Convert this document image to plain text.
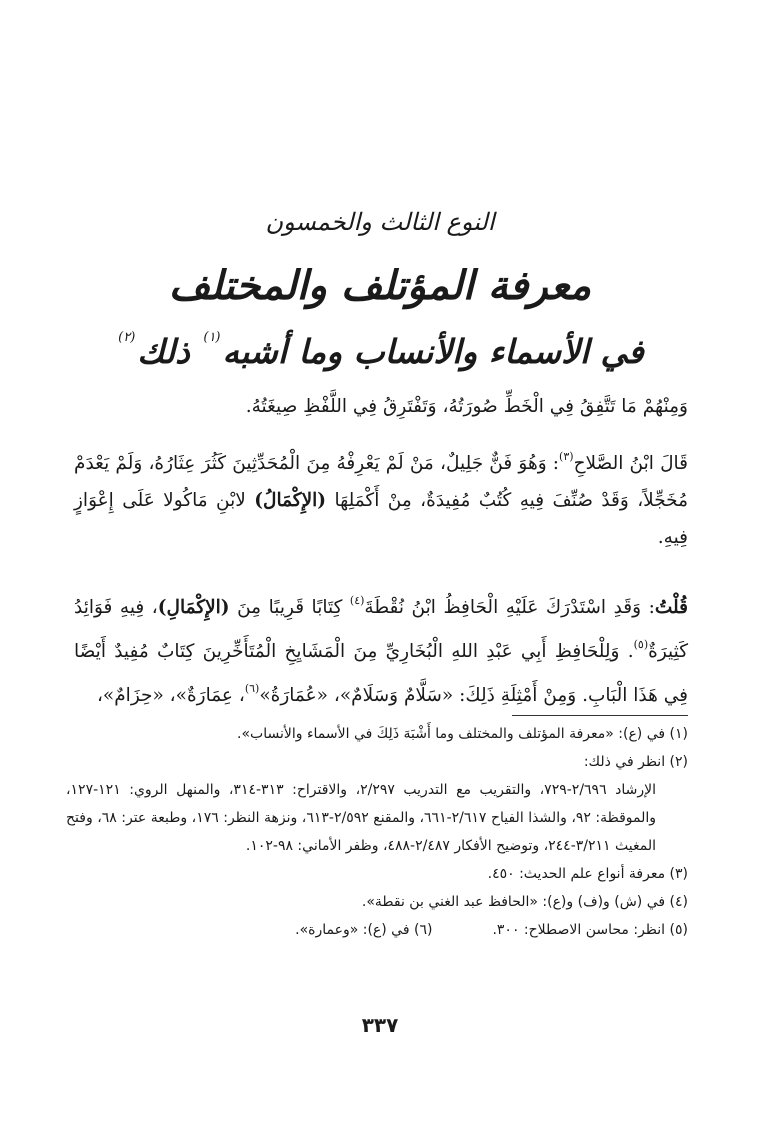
النوع الثالث والخمسون
معرفة المؤتلف والمختلف
في الأسماء والأنساب وما أشبه$^{(١)}$ ذلك$^{(٢)}$
وَمِنْهُمْ مَا تَتَّفِقُ فِي الْخَطِّ صُورَتُهُ، وَتَفْتَرِقُ فِي اللَّفْظِ صِيغَتُهُ.
قَالَ ابْنُ الصَّلاحِ$^{(٣)}$: وَهُوَ فَنٌّ جَلِيلٌ، مَنْ لَمْ يَعْرِفْهُ مِنَ الْمُحَدِّثِينَ كَثُرَ عِثَارُهُ، وَلَمْ يَعْدَمْ مُخَجِّلاً، وَقَدْ صُنِّفَ فِيهِ كُتُبٌ مُفِيدَةٌ، مِنْ أَكْمَلِهَا (الإِكْمَالُ) لابْنِ مَاكُولا عَلَى إِعْوَازٍ فِيهِ.
قُلْتُ: وَقَدِ اسْتَدْرَكَ عَلَيْهِ الْحَافِظُ ابْنُ نُقْطَةَ$^{(٤)}$ كِتَابًا قَرِيبًا مِنَ (الإِكْمَالِ)، فِيهِ فَوَائِدُ كَثِيرَةٌ$^{(٥)}$. وَلِلْحَافِظِ أَبِي عَبْدِ اللهِ الْبُخَارِيِّ مِنَ الْمَشَايِخِ الْمُتَأَخِّرِينَ كِتَابٌ مُفِيدٌ أَيْضًا فِي هَذَا الْبَابِ. وَمِنْ أَمْثِلَةِ ذَلِكَ: «سَلَّامٌ وَسَلَامٌ»، «عُمَارَةُ»$^{(٦)}$، عِمَارَةٌ»، «حِزَامٌ»،
(١) في (ع): «معرفة المؤتلف والمختلف وما أَشْبَهَ ذَلِكَ في الأسماء والأنساب».
(٢) انظر في ذلك:
الإرشاد ٢/٦٩٦-٧٢٩، والتقريب مع التدريب ٢/٢٩٧، والاقتراح: ٣١٣-٣١٤، والمنهل الروي: ١٢١-١٢٧، والموقظة: ٩٢، والشذا الفياح ٢/٦١٧-٦٦١، والمقنع ٢/٥٩٢-٦١٣، ونزهة النظر: ١٧٦، وطبعة عتر: ٦٨، وفتح المغيث ٣/٢١١-٢٤٤، وتوضيح الأفكار ٢/٤٨٧-٤٨٨، وظفر الأماني: ٩٨-١٠٢.
(٣) معرفة أنواع علم الحديث: ٤٥٠.
(٤) في (ش) و(ف) و(ع): «الحافظ عبد الغني بن نقطة».
(٥) انظر: محاسن الاصطلاح: ٣٠٠.(٦) في (ع): «وعمارة».
٣٣٧
